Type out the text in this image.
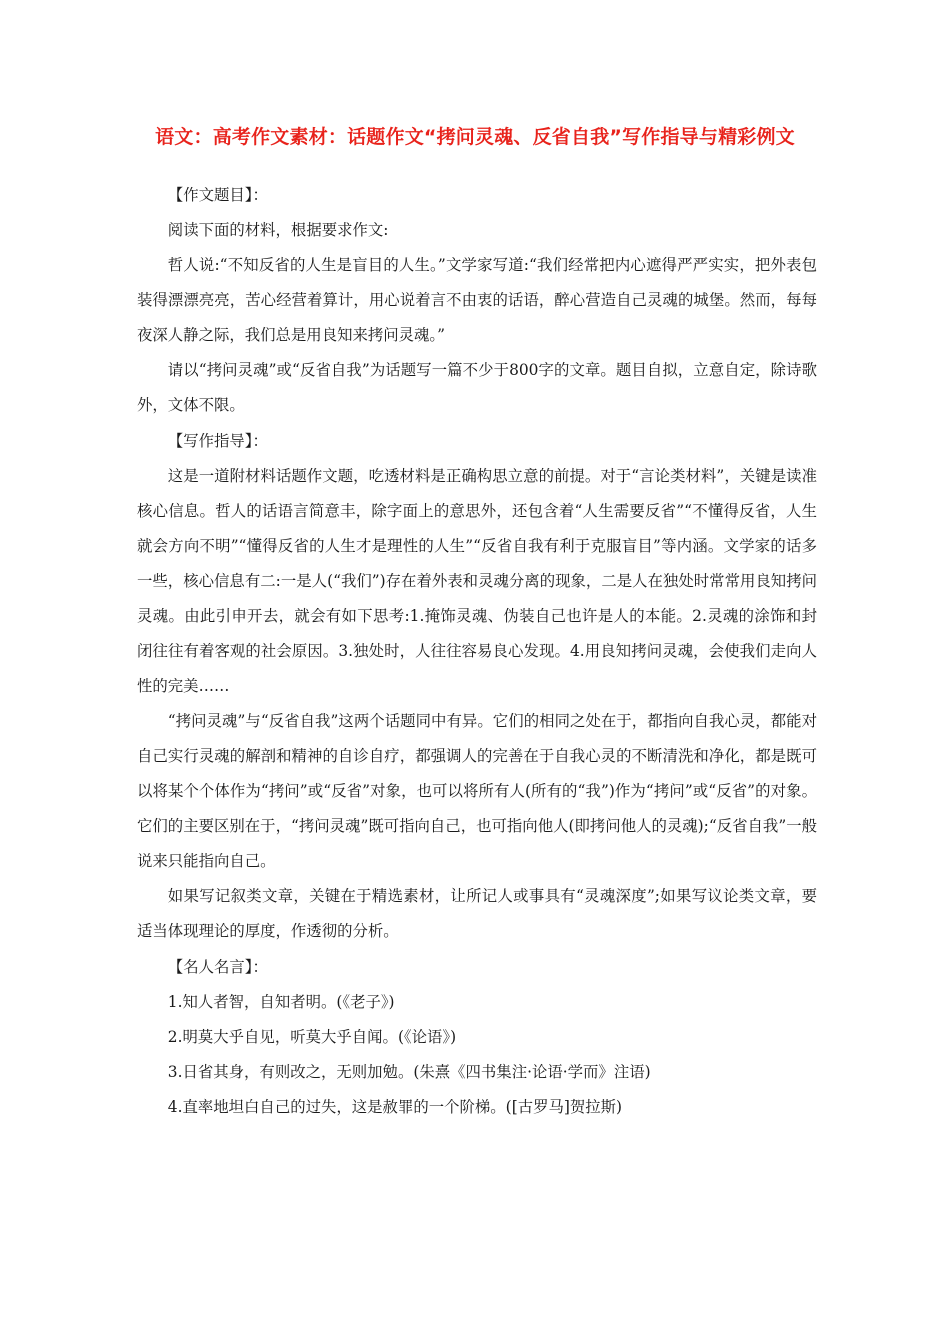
语文：高考作文素材：话题作文“拷问灵魂、反省自我”写作指导与精彩例文

【作文题目】：

阅读下面的材料，根据要求作文:

哲人说:“不知反省的人生是盲目的人生。”文学家写道:“我们经常把内心遮得严严实实，把外表包装得漂漂亮亮，苦心经营着算计，用心说着言不由衷的话语，醉心营造自己灵魂的城堡。然而，每每夜深人静之际，我们总是用良知来拷问灵魂。”

请以“拷问灵魂”或“反省自我”为话题写一篇不少于800字的文章。题目自拟，立意自定，除诗歌外，文体不限。

【写作指导】：

这是一道附材料话题作文题，吃透材料是正确构思立意的前提。对于“言论类材料”，关键是读准核心信息。哲人的话语言简意丰，除字面上的意思外，还包含着“人生需要反省”“不懂得反省，人生就会方向不明”“懂得反省的人生才是理性的人生”“反省自我有利于克服盲目”等内涵。文学家的话多一些，核心信息有二:一是人(“我们”)存在着外表和灵魂分离的现象，二是人在独处时常常用良知拷问灵魂。由此引申开去，就会有如下思考:1.掩饰灵魂、伪装自己也许是人的本能。2.灵魂的涂饰和封闭往往有着客观的社会原因。3.独处时，人往往容易良心发现。4.用良知拷问灵魂，会使我们走向人性的完美……

“拷问灵魂”与“反省自我”这两个话题同中有异。它们的相同之处在于，都指向自我心灵，都能对自己实行灵魂的解剖和精神的自诊自疗，都强调人的完善在于自我心灵的不断清洗和净化，都是既可以将某个个体作为“拷问”或“反省”对象，也可以将所有人(所有的“我”)作为“拷问”或“反省”的对象。它们的主要区别在于，“拷问灵魂”既可指向自己，也可指向他人(即拷问他人的灵魂);“反省自我”一般说来只能指向自己。

如果写记叙类文章，关键在于精选素材，让所记人或事具有“灵魂深度”;如果写议论类文章，要适当体现理论的厚度，作透彻的分析。

【名人名言】：

1.知人者智，自知者明。(《老子》)

2.明莫大乎自见，听莫大乎自闻。(《论语》)

3.日省其身，有则改之，无则加勉。(朱熹《四书集注·论语·学而》注语)

4.直率地坦白自己的过失，这是赦罪的一个阶梯。([古罗马]贺拉斯)
